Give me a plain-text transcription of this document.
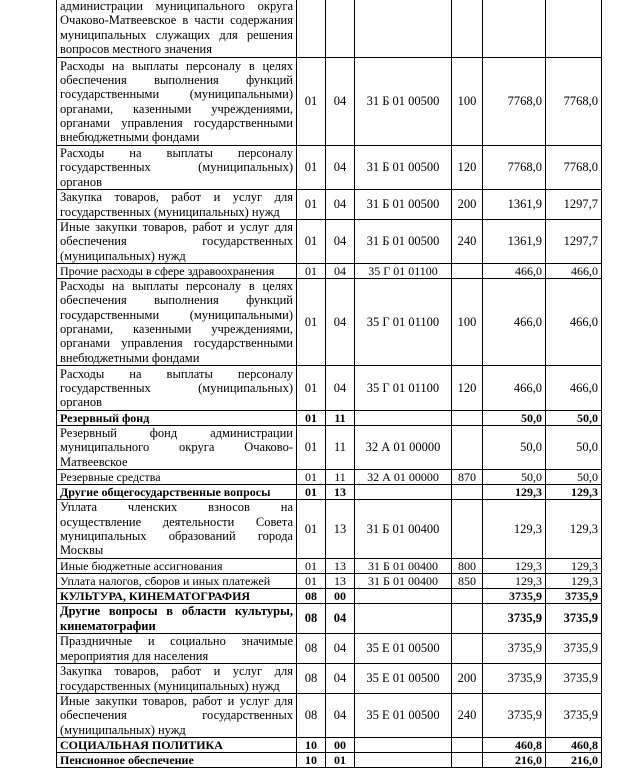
администрации муниципального округа Очаково-Матвеевское в части содержания муниципальных служащих для решения вопросов местного значения						
Расходы на выплаты персоналу в целях обеспечения выполнения функций государственными (муниципальными) органами, казенными учреждениями, органами управления государственными внебюджетными фондами	01	04	31 Б 01 00500	100	7768,0	7768,0
Расходы на выплаты персоналу государственных (муниципальных) органов	01	04	31 Б 01 00500	120	7768,0	7768,0
Закупка товаров, работ и услуг для государственных (муниципальных) нужд	01	04	31 Б 01 00500	200	1361,9	1297,7
Иные закупки товаров, работ и услуг для обеспечения государственных (муниципальных) нужд	01	04	31 Б 01 00500	240	1361,9	1297,7
Прочие расходы в сфере здравоохранения	01	04	35 Г 01 01100		466,0	466,0
Расходы на выплаты персоналу в целях обеспечения выполнения функций государственными (муниципальными) органами, казенными учреждениями, органами управления государственными внебюджетными фондами	01	04	35 Г 01 01100	100	466,0	466,0
Расходы на выплаты персоналу государственных (муниципальных) органов	01	04	35 Г 01 01100	120	466,0	466,0
Резервный фонд	01	11			50,0	50,0
Резервный фонд администрации муниципального округа Очаково-Матвеевское	01	11	32 А 01 00000		50,0	50,0
Резервные средства	01	11	32 А 01 00000	870	50,0	50,0
Другие общегосударственные вопросы	01	13			129,3	129,3
Уплата членских взносов на осуществление деятельности Совета муниципальных образований города Москвы	01	13	31 Б 01 00400		129,3	129,3
Иные бюджетные ассигнования	01	13	31 Б 01 00400	800	129,3	129,3
Уплата налогов, сборов и иных платежей	01	13	31 Б 01 00400	850	129,3	129,3
КУЛЬТУРА, КИНЕМАТОГРАФИЯ	08	00			3735,9	3735,9
Другие вопросы в области культуры, кинематографии	08	04			3735,9	3735,9
Праздничные и социально значимые мероприятия для населения	08	04	35 Е 01 00500		3735,9	3735,9
Закупка товаров, работ и услуг для государственных (муниципальных) нужд	08	04	35 Е 01 00500	200	3735,9	3735,9
Иные закупки товаров, работ и услуг для обеспечения государственных (муниципальных) нужд	08	04	35 Е 01 00500	240	3735,9	3735,9
СОЦИАЛЬНАЯ ПОЛИТИКА	10	00			460,8	460,8
Пенсионное обеспечение	10	01			216,0	216,0
